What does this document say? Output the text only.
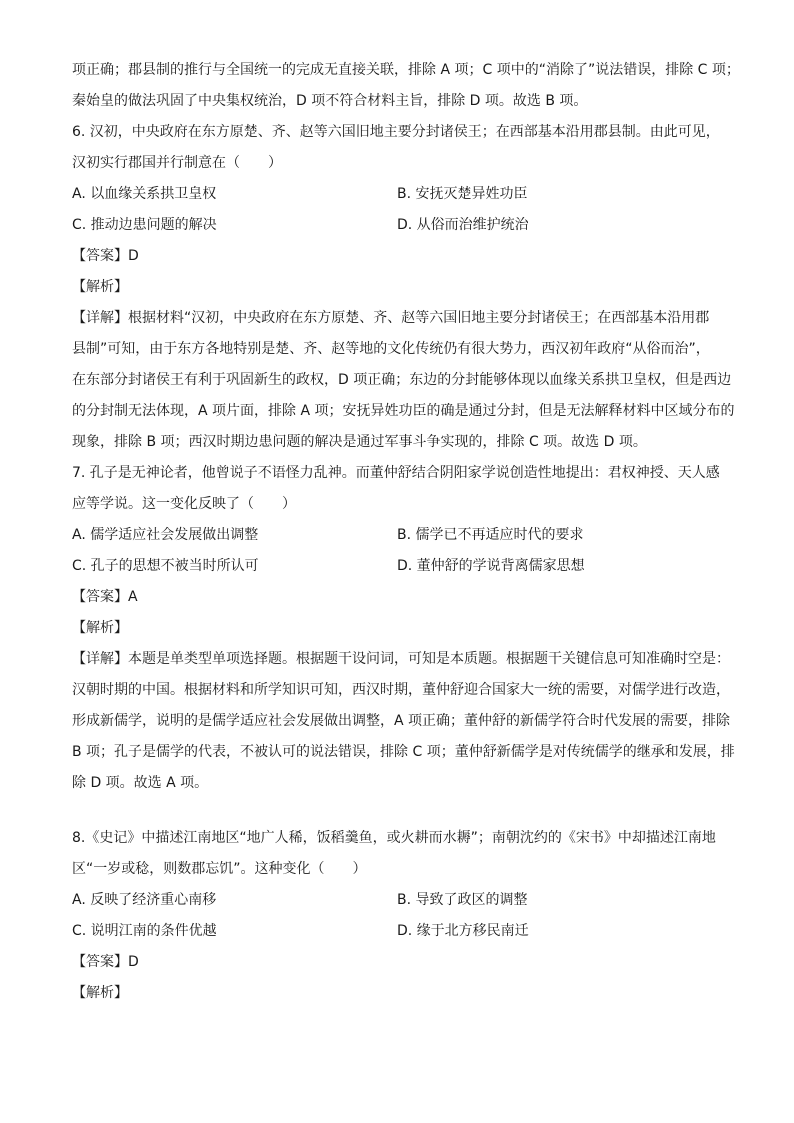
项正确；郡县制的推行与全国统一的完成无直接关联，排除 A 项；C 项中的“消除了”说法错误，排除 C 项；

秦始皇的做法巩固了中央集权统治，D 项不符合材料主旨，排除 D 项。故选 B 项。

6. 汉初，中央政府在东方原楚、齐、赵等六国旧地主要分封诸侯王；在西部基本沿用郡县制。由此可见，

汉初实行郡国并行制意在（　　）

A. 以血缘关系拱卫皇权	B. 安抚灭楚异姓功臣
C. 推动边患问题的解决	D. 从俗而治维护统治
【答案】D
【解析】

【详解】根据材料“汉初，中央政府在东方原楚、齐、赵等六国旧地主要分封诸侯王；在西部基本沿用郡

县制”可知，由于东方各地特别是楚、齐、赵等地的文化传统仍有很大势力，西汉初年政府“从俗而治”，

在东部分封诸侯王有利于巩固新生的政权，D 项正确；东边的分封能够体现以血缘关系拱卫皇权，但是西边

的分封制无法体现，A 项片面，排除 A 项；安抚异姓功臣的确是通过分封，但是无法解释材料中区域分布的

现象，排除 B 项；西汉时期边患问题的解决是通过军事斗争实现的，排除 C 项。故选 D 项。

7. 孔子是无神论者，他曾说子不语怪力乱神。而董仲舒结合阴阳家学说创造性地提出：君权神授、天人感

应等学说。这一变化反映了（　　）

A. 儒学适应社会发展做出调整	B. 儒学已不再适应时代的要求
C. 孔子的思想不被当时所认可	D. 董仲舒的学说背离儒家思想
【答案】A
【解析】

【详解】本题是单类型单项选择题。根据题干设问词，可知是本质题。根据题干关键信息可知准确时空是：

汉朝时期的中国。根据材料和所学知识可知，西汉时期，董仲舒迎合国家大一统的需要，对儒学进行改造，

形成新儒学，说明的是儒学适应社会发展做出调整，A 项正确；董仲舒的新儒学符合时代发展的需要，排除

B 项；孔子是儒学的代表，不被认可的说法错误，排除 C 项；董仲舒新儒学是对传统儒学的继承和发展，排

除 D 项。故选 A 项。

8.《史记》中描述江南地区“地广人稀，饭稻羹鱼，或火耕而水耨”；南朝沈约的《宋书》中却描述江南地

区“一岁或稔，则数郡忘饥”。这种变化（　　）

A. 反映了经济重心南移	B. 导致了政区的调整
C. 说明江南的条件优越	D. 缘于北方移民南迁
【答案】D
【解析】
